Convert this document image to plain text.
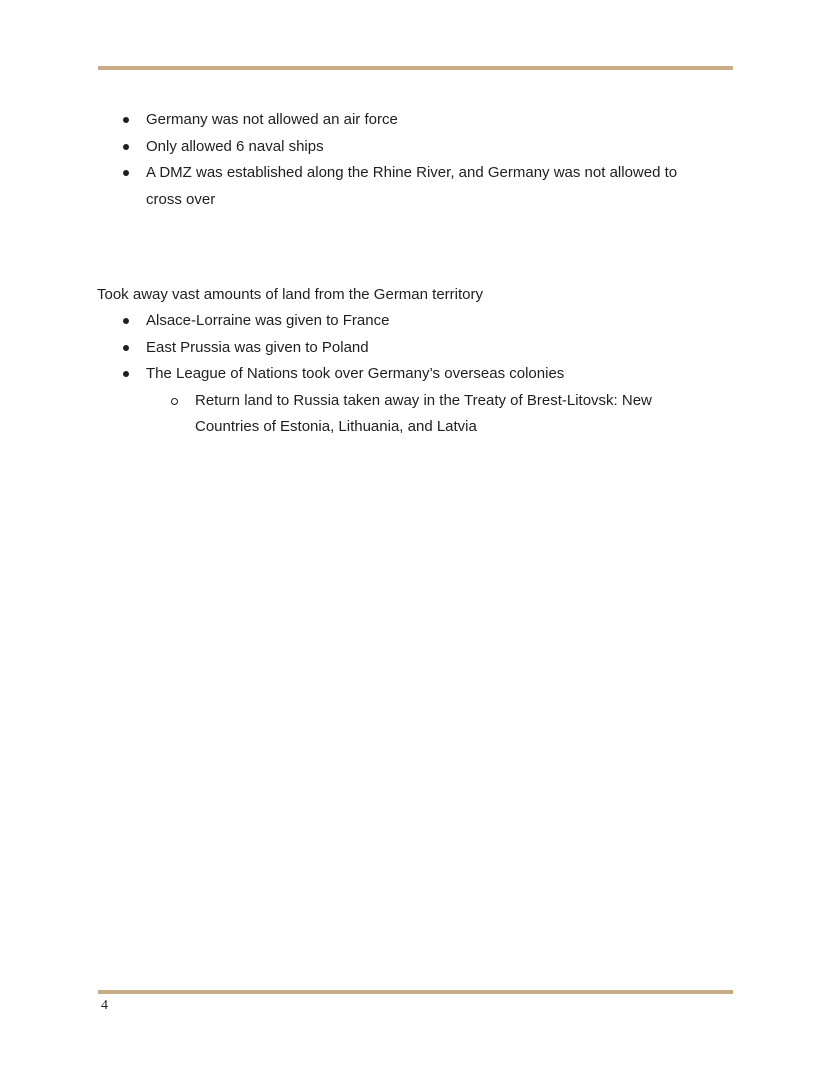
Germany was not allowed an air force
Only allowed 6 naval ships
A DMZ was established along the Rhine River, and Germany was not allowed to cross over

Took away vast amounts of land from the German territory

Alsace-Lorraine was given to France
East Prussia was given to Poland
The League of Nations took over Germany’s overseas colonies
Return land to Russia taken away in the Treaty of Brest-Litovsk: New Countries of Estonia, Lithuania, and Latvia
4
